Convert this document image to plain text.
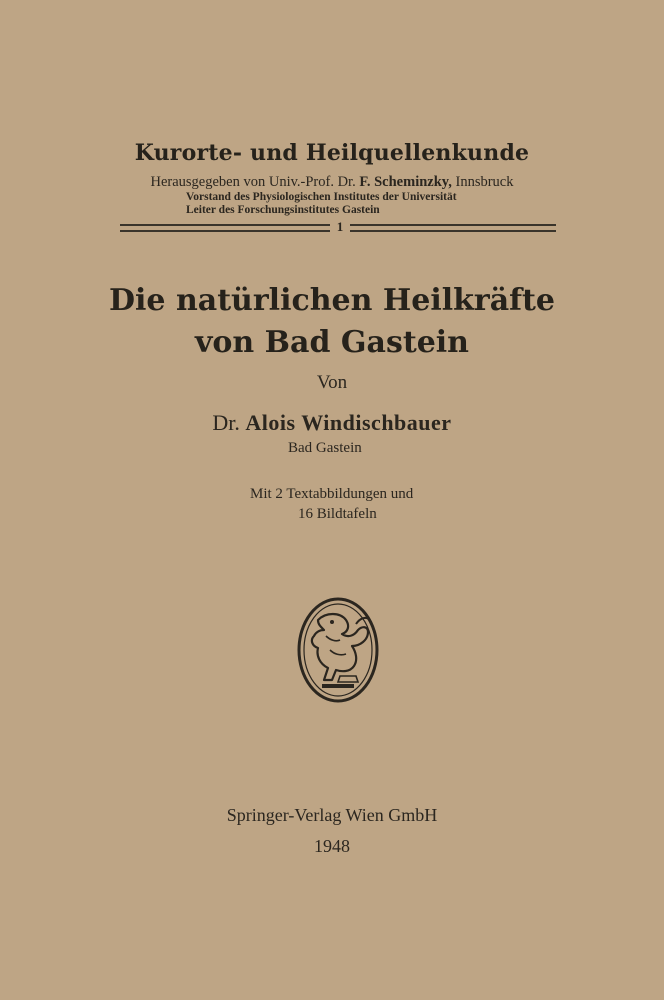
Kurorte- und Heilquellenkunde
Herausgegeben von Univ.-Prof. Dr. F. Scheminzky, Innsbruck
Vorstand des Physiologischen Institutes der Universität
Leiter des Forschungsinstitutes Gastein
1
Die natürlichen Heilkräfte
von Bad Gastein
Von
Dr. Alois Windischbauer
Bad Gastein
Mit 2 Textabbildungen und
16 Bildtafeln
Springer-Verlag Wien GmbH
1948
